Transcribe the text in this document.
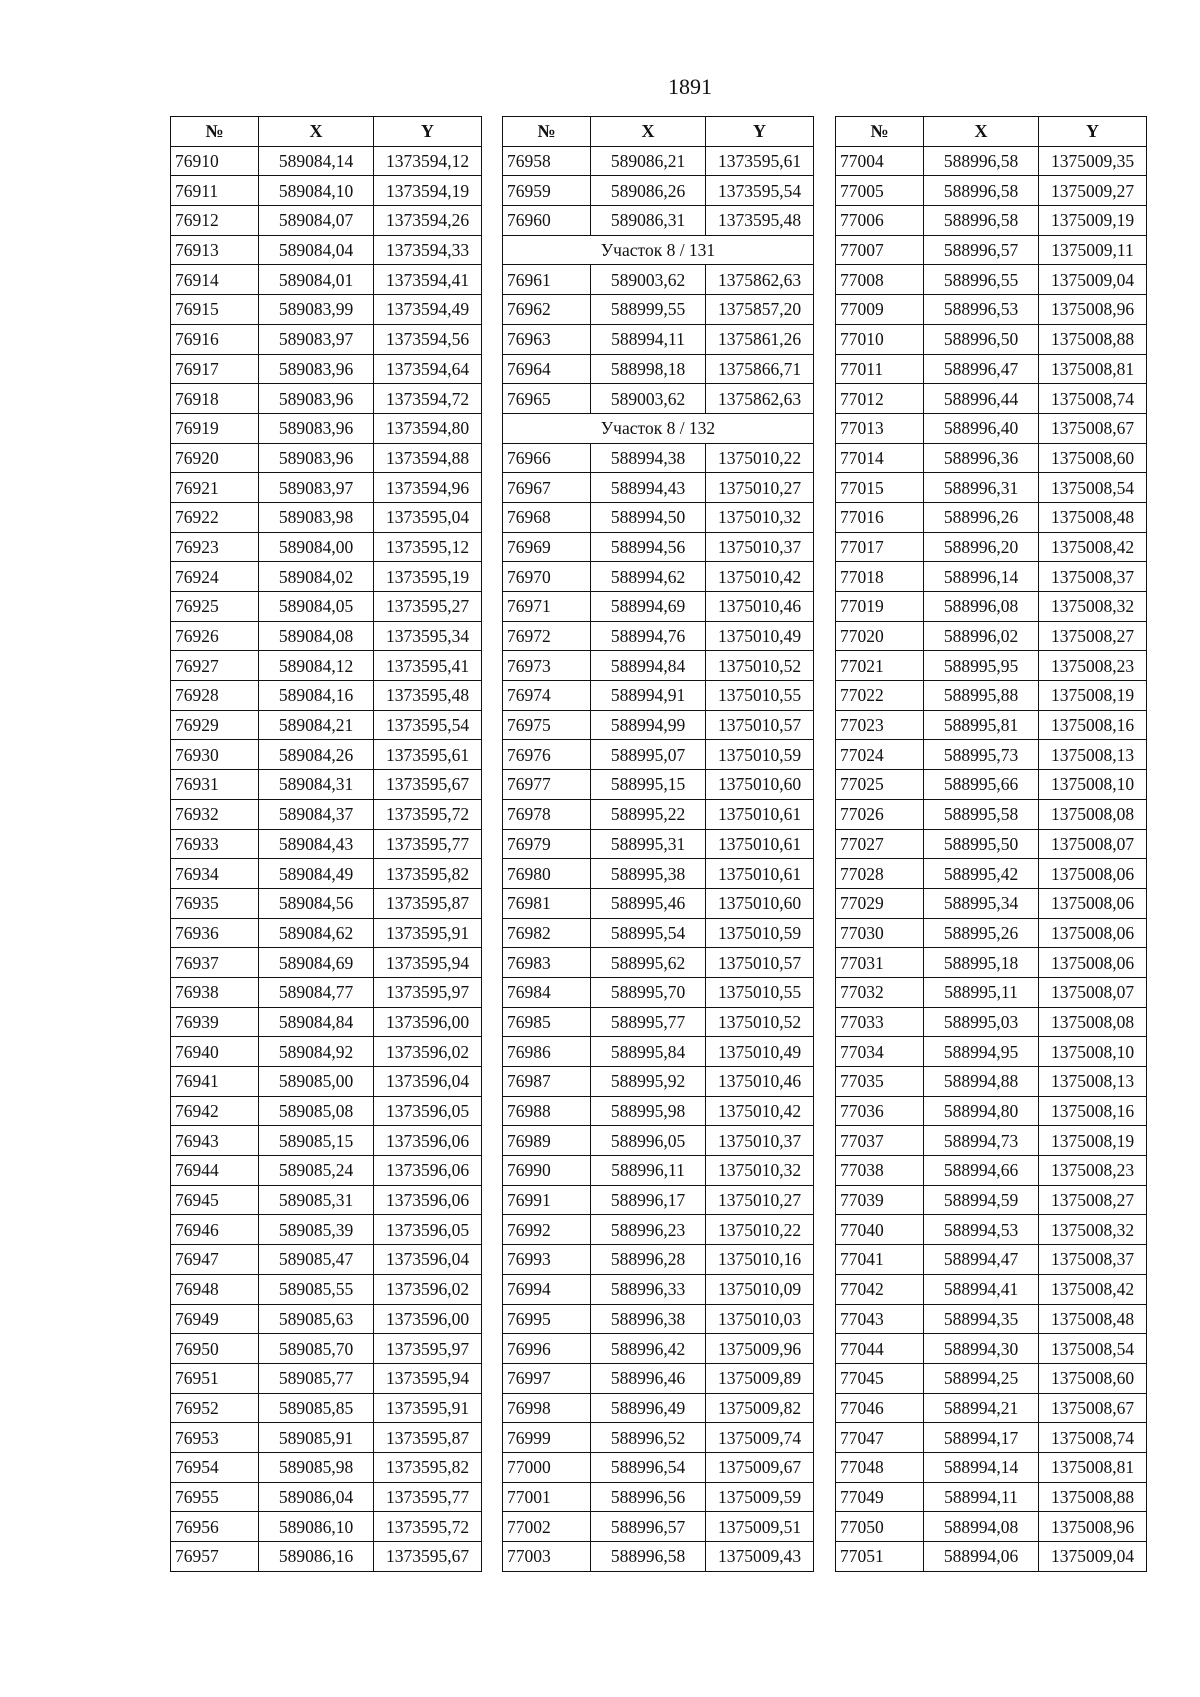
1891
№	X	Y
76910	589084,14	1373594,12
76911	589084,10	1373594,19
76912	589084,07	1373594,26
76913	589084,04	1373594,33
76914	589084,01	1373594,41
76915	589083,99	1373594,49
76916	589083,97	1373594,56
76917	589083,96	1373594,64
76918	589083,96	1373594,72
76919	589083,96	1373594,80
76920	589083,96	1373594,88
76921	589083,97	1373594,96
76922	589083,98	1373595,04
76923	589084,00	1373595,12
76924	589084,02	1373595,19
76925	589084,05	1373595,27
76926	589084,08	1373595,34
76927	589084,12	1373595,41
76928	589084,16	1373595,48
76929	589084,21	1373595,54
76930	589084,26	1373595,61
76931	589084,31	1373595,67
76932	589084,37	1373595,72
76933	589084,43	1373595,77
76934	589084,49	1373595,82
76935	589084,56	1373595,87
76936	589084,62	1373595,91
76937	589084,69	1373595,94
76938	589084,77	1373595,97
76939	589084,84	1373596,00
76940	589084,92	1373596,02
76941	589085,00	1373596,04
76942	589085,08	1373596,05
76943	589085,15	1373596,06
76944	589085,24	1373596,06
76945	589085,31	1373596,06
76946	589085,39	1373596,05
76947	589085,47	1373596,04
76948	589085,55	1373596,02
76949	589085,63	1373596,00
76950	589085,70	1373595,97
76951	589085,77	1373595,94
76952	589085,85	1373595,91
76953	589085,91	1373595,87
76954	589085,98	1373595,82
76955	589086,04	1373595,77
76956	589086,10	1373595,72
76957	589086,16	1373595,67
№	X	Y
76958	589086,21	1373595,61
76959	589086,26	1373595,54
76960	589086,31	1373595,48
Участок 8 / 131		
76961	589003,62	1375862,63
76962	588999,55	1375857,20
76963	588994,11	1375861,26
76964	588998,18	1375866,71
76965	589003,62	1375862,63
Участок 8 / 132		
76966	588994,38	1375010,22
76967	588994,43	1375010,27
76968	588994,50	1375010,32
76969	588994,56	1375010,37
76970	588994,62	1375010,42
76971	588994,69	1375010,46
76972	588994,76	1375010,49
76973	588994,84	1375010,52
76974	588994,91	1375010,55
76975	588994,99	1375010,57
76976	588995,07	1375010,59
76977	588995,15	1375010,60
76978	588995,22	1375010,61
76979	588995,31	1375010,61
76980	588995,38	1375010,61
76981	588995,46	1375010,60
76982	588995,54	1375010,59
76983	588995,62	1375010,57
76984	588995,70	1375010,55
76985	588995,77	1375010,52
76986	588995,84	1375010,49
76987	588995,92	1375010,46
76988	588995,98	1375010,42
76989	588996,05	1375010,37
76990	588996,11	1375010,32
76991	588996,17	1375010,27
76992	588996,23	1375010,22
76993	588996,28	1375010,16
76994	588996,33	1375010,09
76995	588996,38	1375010,03
76996	588996,42	1375009,96
76997	588996,46	1375009,89
76998	588996,49	1375009,82
76999	588996,52	1375009,74
77000	588996,54	1375009,67
77001	588996,56	1375009,59
77002	588996,57	1375009,51
77003	588996,58	1375009,43
№	X	Y
77004	588996,58	1375009,35
77005	588996,58	1375009,27
77006	588996,58	1375009,19
77007	588996,57	1375009,11
77008	588996,55	1375009,04
77009	588996,53	1375008,96
77010	588996,50	1375008,88
77011	588996,47	1375008,81
77012	588996,44	1375008,74
77013	588996,40	1375008,67
77014	588996,36	1375008,60
77015	588996,31	1375008,54
77016	588996,26	1375008,48
77017	588996,20	1375008,42
77018	588996,14	1375008,37
77019	588996,08	1375008,32
77020	588996,02	1375008,27
77021	588995,95	1375008,23
77022	588995,88	1375008,19
77023	588995,81	1375008,16
77024	588995,73	1375008,13
77025	588995,66	1375008,10
77026	588995,58	1375008,08
77027	588995,50	1375008,07
77028	588995,42	1375008,06
77029	588995,34	1375008,06
77030	588995,26	1375008,06
77031	588995,18	1375008,06
77032	588995,11	1375008,07
77033	588995,03	1375008,08
77034	588994,95	1375008,10
77035	588994,88	1375008,13
77036	588994,80	1375008,16
77037	588994,73	1375008,19
77038	588994,66	1375008,23
77039	588994,59	1375008,27
77040	588994,53	1375008,32
77041	588994,47	1375008,37
77042	588994,41	1375008,42
77043	588994,35	1375008,48
77044	588994,30	1375008,54
77045	588994,25	1375008,60
77046	588994,21	1375008,67
77047	588994,17	1375008,74
77048	588994,14	1375008,81
77049	588994,11	1375008,88
77050	588994,08	1375008,96
77051	588994,06	1375009,04
